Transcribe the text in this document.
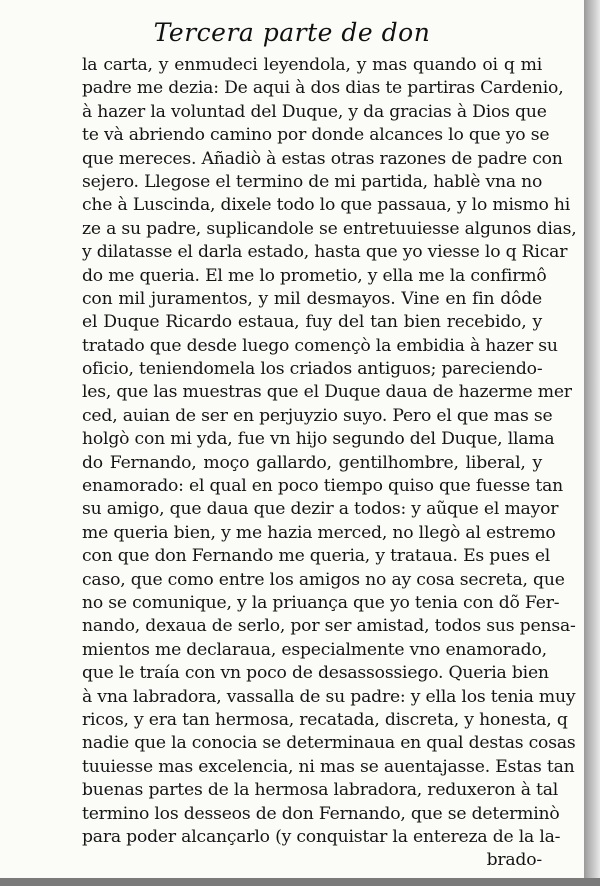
Tercera parte de don
la carta, y enmudeci leyendola, y mas quando oi q mi
padre me dezia: De aqui à dos dias te partiras Cardenio,
à hazer la voluntad del Duque, y da gracias à Dios que
te và abriendo camino por donde alcances lo que yo se
que mereces. Añadiò à estas otras razones de padre con
sejero. Llegose el termino de mi partida, hablè vna no
che à Luscinda, dixele todo lo que passaua, y lo mismo hi
ze a su padre, suplicandole se entretuuiesse algunos dias,
y dilatasse el darla estado, hasta que yo viesse lo q Ricar
do me queria. El me lo prometio, y ella me la confirmô
con mil juramentos, y mil desmayos. Vine en fin dôde
el Duque Ricardo estaua, fuy del tan bien recebido, y
tratado que desde luego començò la embidia à hazer su
oficio, teniendomela los criados antiguos; pareciendo-
les, que las muestras que el Duque daua de hazerme mer
ced, auian de ser en perjuyzio suyo. Pero el que mas se
holgò con mi yda, fue vn hijo segundo del Duque, llama
do Fernando, moço gallardo, gentilhombre, liberal, y
enamorado: el qual en poco tiempo quiso que fuesse tan
su amigo, que daua que dezir a todos: y aũque el mayor
me queria bien, y me hazia merced, no llegò al estremo
con que don Fernando me queria, y trataua. Es pues el
caso, que como entre los amigos no ay cosa secreta, que
no se comunique, y la priuança que yo tenia con dõ Fer-
nando, dexaua de serlo, por ser amistad, todos sus pensa-
mientos me declaraua, especialmente vno enamorado,
que le traía con vn poco de desassossiego. Queria bien
à vna labradora, vassalla de su padre: y ella los tenia muy
ricos, y era tan hermosa, recatada, discreta, y honesta, q
nadie que la conocia se determinaua en qual destas cosas
tuuiesse mas excelencia, ni mas se auentajasse. Estas tan
buenas partes de la hermosa labradora, reduxeron à tal
termino los desseos de don Fernando, que se determinò
para poder alcançarlo (y conquistar la entereza de la la-
brado-
